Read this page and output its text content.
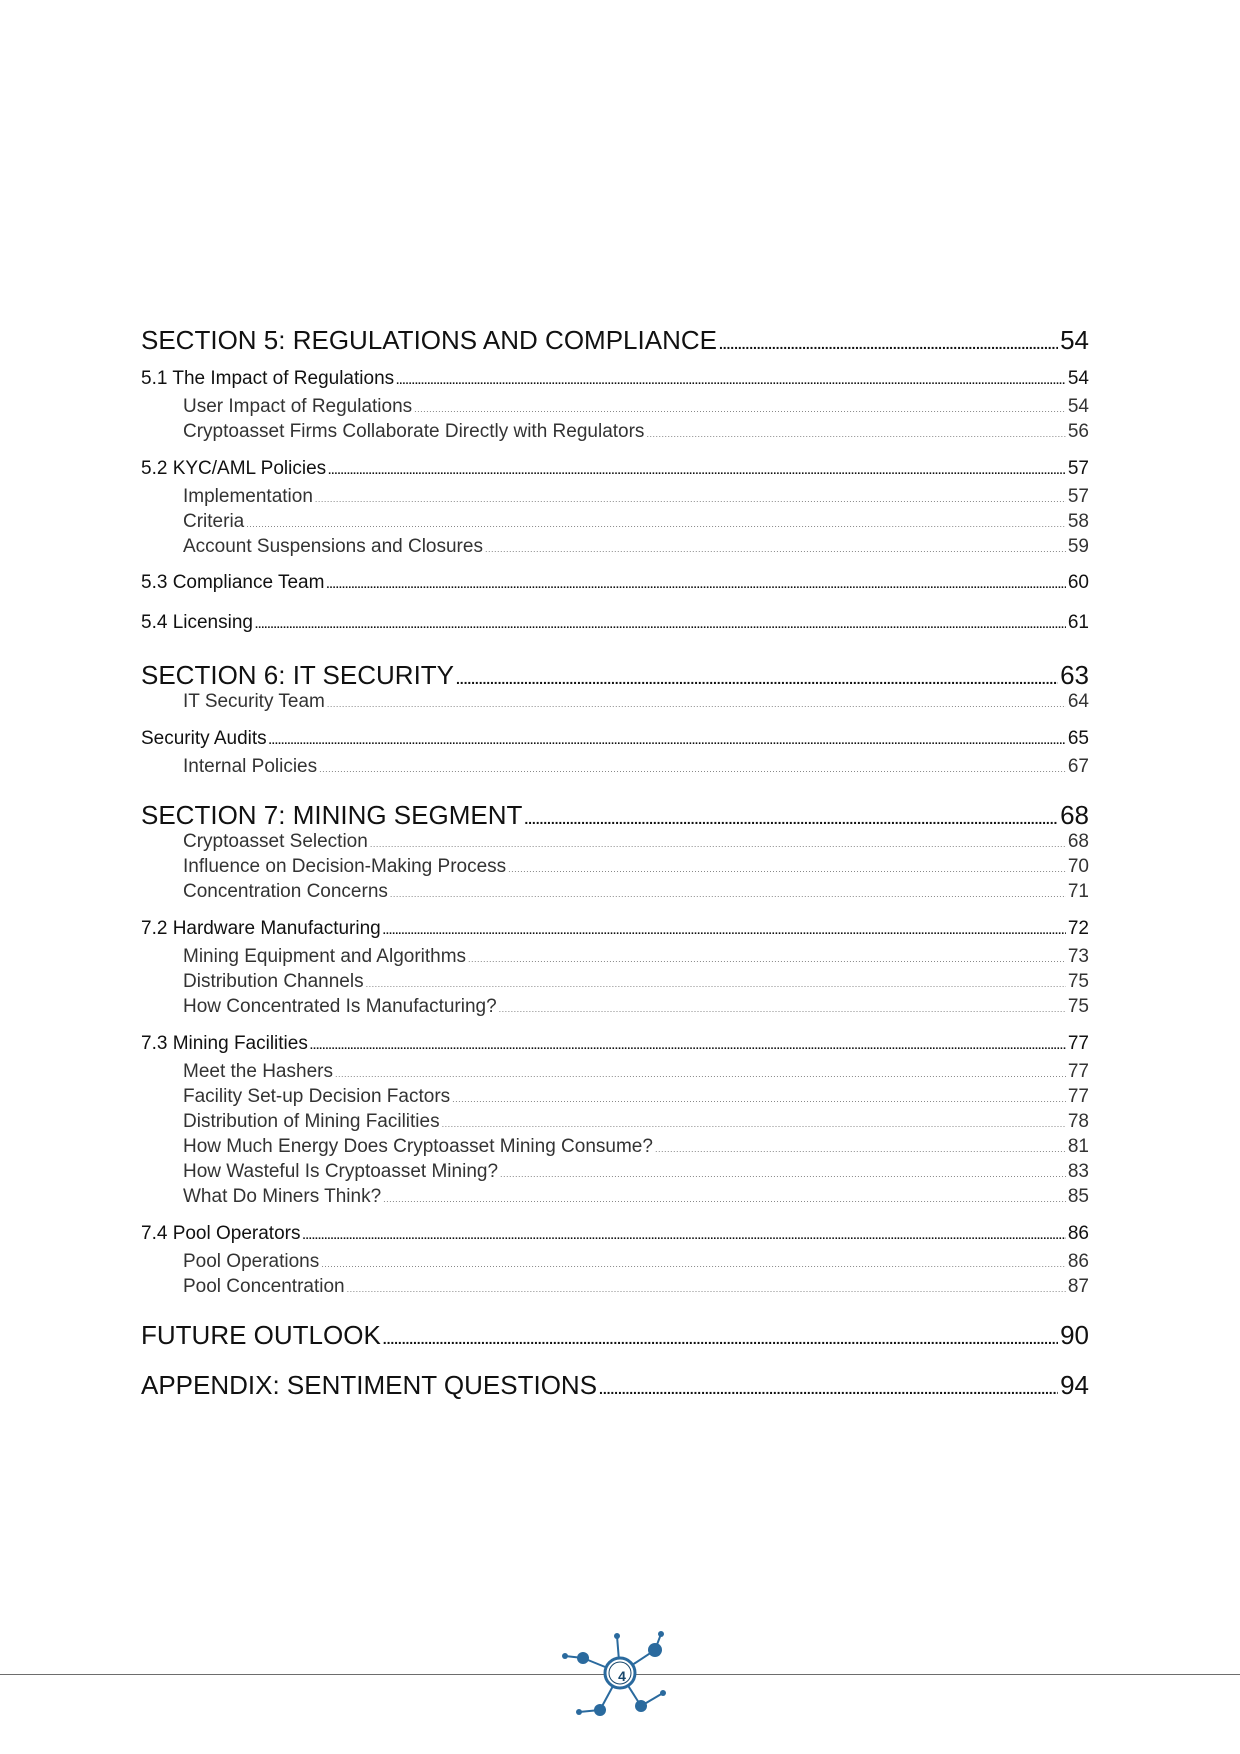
SECTION 5: REGULATIONS AND COMPLIANCE . . .	54
5.1 The Impact of Regulations . . .	54
User Impact of Regulations . . .	54
Cryptoasset Firms Collaborate Directly with Regulators . . .	56
5.2 KYC/AML Policies . . .	57
Implementation . . .	57
Criteria . . .	58
Account Suspensions and Closures . . .	59
5.3 Compliance Team . . .	60
5.4 Licensing . . .	61
SECTION 6: IT SECURITY . . .	63
IT Security Team . . .	64
Security Audits . . .	65
Internal Policies . . .	67
SECTION 7: MINING SEGMENT . . .	68
Cryptoasset Selection . . .	68
Influence on Decision-Making Process . . .	70
Concentration Concerns . . .	71
7.2 Hardware Manufacturing . . .	72
Mining Equipment and Algorithms . . .	73
Distribution Channels . . .	75
How Concentrated Is Manufacturing? . . .	75
7.3 Mining Facilities . . .	77
Meet the Hashers . . .	77
Facility Set-up Decision Factors . . .	77
Distribution of Mining Facilities . . .	78
How Much Energy Does Cryptoasset Mining Consume? . . .	81
How Wasteful Is Cryptoasset Mining? . . .	83
What Do Miners Think? . . .	85
7.4 Pool Operators . . .	86
Pool Operations . . .	86
Pool Concentration . . .	87
FUTURE OUTLOOK . . .	90
APPENDIX: SENTIMENT QUESTIONS . . .	94
4
